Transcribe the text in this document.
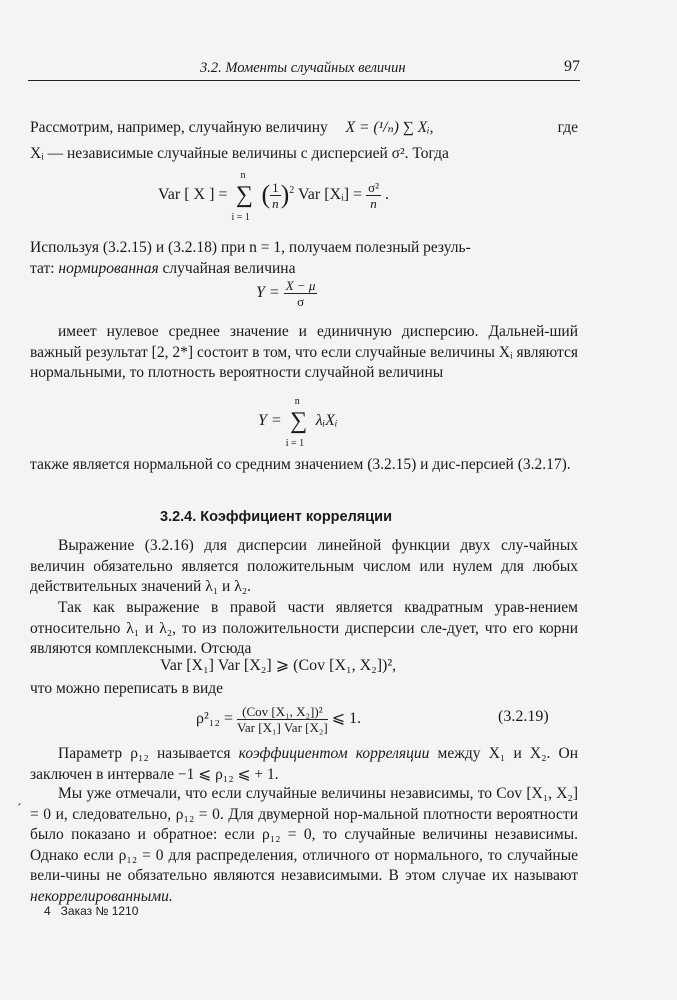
3.2. Моменты случайных величин	97
Рассмотрим, например, случайную величину X = (¹/ₙ) ∑ Xᵢ,	где
Xᵢ — независимые случайные величины с дисперсией σ². Тогда
Var [ X ] =
n
∑
i = 1
( $\frac{1}{n} )^2$ Var [Xᵢ] = $\frac{\text{σ²}}{n}$ .
Используя (3.2.15) и (3.2.18) при n = 1, получаем полезный резуль-
тат: нормированная случайная величина
$Y = \frac{X - \mu}{\sigma}$
имеет нулевое среднее значение и единичную дисперсию. Дальней-ший важный результат [2, 2*] состоит в том, что если случайные величины Xᵢ являются нормальными, то плотность вероятности случайной величины
Y =
n
∑
i = 1
λᵢXᵢ
также является нормальной со средним значением (3.2.15) и дис-персией (3.2.17).
3.2.4. Коэффициент корреляции
Выражение (3.2.16) для дисперсии линейной функции двух слу-чайных величин обязательно является положительным числом или нулем для любых действительных значений λ₁ и λ₂.
Так как выражение в правой части является квадратным урав-нением относительно λ₁ и λ₂, то из положительности дисперсии сле-дует, что его корни являются комплексными. Отсюда
Var [X₁] Var [X₂] ⩾ (Cov [X₁, X₂])²,
что можно переписать в виде
$\rho^2_{12} = \frac{\text{(Cov [X₁, X₂])²}}{\text{Var [X₁] Var [X₂]}}$ ⩽ 1.	(3.2.19)
Параметр ρ₁₂ называется коэффициентом корреляции между X₁ и X₂. Он заключен в интервале −1 ⩽ ρ₁₂ ⩽ + 1.
´
Мы уже отмечали, что если случайные величины независимы, то Cov [X₁, X₂] = 0 и, следовательно, ρ₁₂ = 0. Для двумерной нор-мальной плотности вероятности было показано и обратное: если ρ₁₂ = 0, то случайные величины независимы. Однако если ρ₁₂ = 0 для распределения, отличного от нормального, то случайные вели-чины не обязательно являются независимыми. В этом случае их называют некоррелированными.
4   Заказ № 1210
